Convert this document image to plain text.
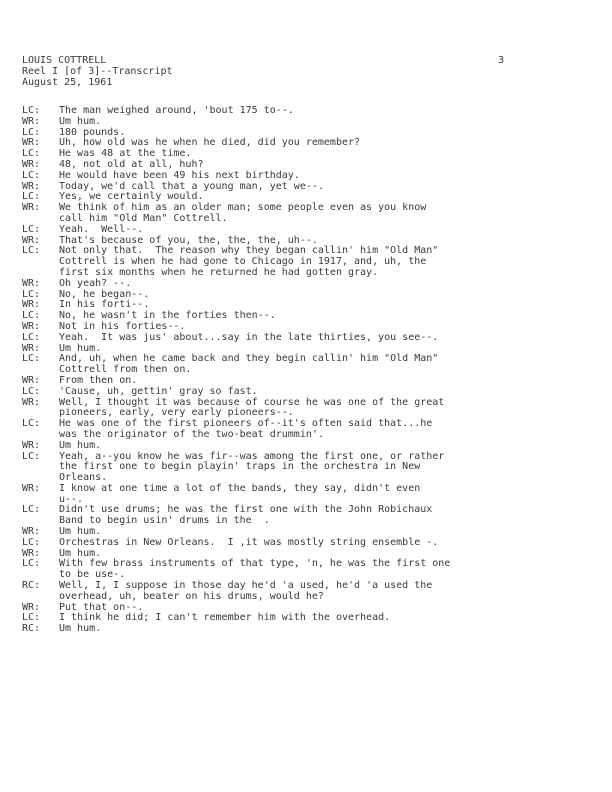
LOUIS COTTRELL
Reel I [of 3]--Transcript
August 25, 1961
3
LC:	The man weighed around, 'bout 175 to--.
WR:	Um hum.
LC:	180 pounds.
WR:	Uh, how old was he when he died, did you remember?
LC:	He was 48 at the time.
WR:	48, not old at all, huh?
LC:	He would have been 49 his next birthday.
WR:	Today, we'd call that a young man, yet we--.
LC:	Yes, we certainly would.
WR:	We think of him as an older man; some people even as you know
call him "Old Man" Cottrell.
LC:	Yeah.  Well--.
WR:	That's because of you, the, the, the, uh--.
LC:	Not only that.  The reason why they began callin' him "Old Man"
Cottrell is when he had gone to Chicago in 1917, and, uh, the
first six months when he returned he had gotten gray.
WR:	Oh yeah? --.
LC:	No, he began--.
WR:	In his forti--.
LC:	No, he wasn't in the forties then--.
WR:	Not in his forties--.
LC:	Yeah.  It was jus' about...say in the late thirties, you see--.
WR:	Um hum.
LC:	And, uh, when he came back and they begin callin' him "Old Man"
Cottrell from then on.
WR:	From then on.
LC:	'Cause, uh, gettin' gray so fast.
WR:	Well, I thought it was because of course he was one of the great
pioneers, early, very early pioneers--.
LC:	He was one of the first pioneers of--it's often said that...he
was the originator of the two-beat drummin'.
WR:	Um hum.
LC:	Yeah, a--you know he was fir--was among the first one, or rather
the first one to begin playin' traps in the orchestra in New
Orleans.
WR:	I know at one time a lot of the bands, they say, didn't even
u--.
LC:	Didn't use drums; he was the first one with the John Robichaux
Band to begin usin' drums in the  .
WR:	Um hum.
LC:	Orchestras in New Orleans.  I ,it was mostly string ensemble -.
WR:	Um hum.
LC:	With few brass instruments of that type, 'n, he was the first one
to be use-.
RC:	Well, I, I suppose in those day he'd 'a used, he'd 'a used the
overhead, uh, beater on his drums, would he?
WR:	Put that on--.
LC:	I think he did; I can't remember him with the overhead.
RC:	Um hum.
